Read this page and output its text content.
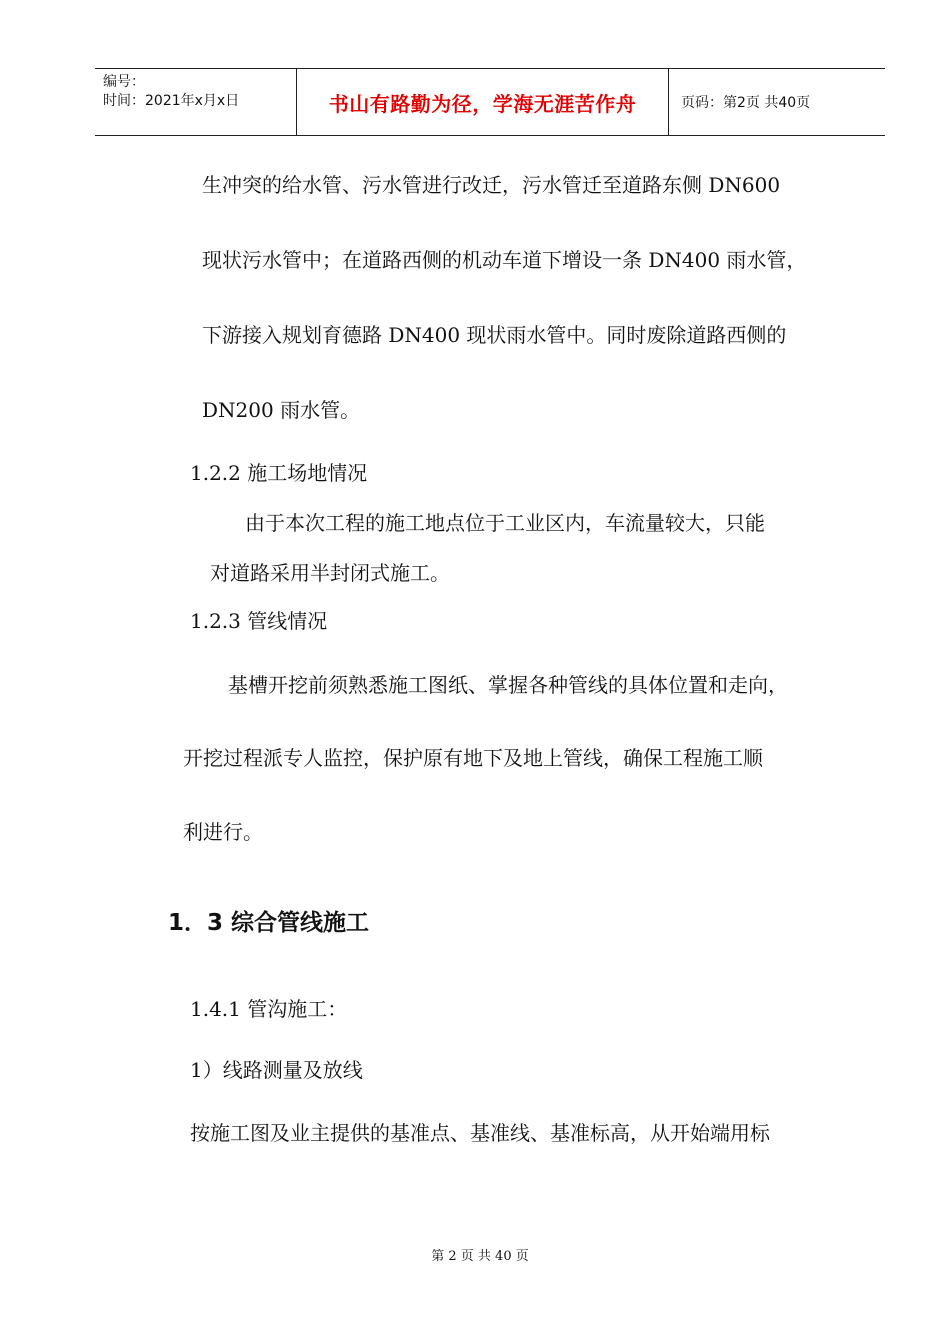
编号：
时间：2021年x月x日	书山有路勤为径，学海无涯苦作舟	页码：第2页 共40页
生冲突的给水管、污水管进行改迁，污水管迁至道路东侧 DN600
现状污水管中；在道路西侧的机动车道下增设一条 DN400 雨水管，
下游接入规划育德路 DN400 现状雨水管中。同时废除道路西侧的
DN200 雨水管。
1.2.2 施工场地情况
由于本次工程的施工地点位于工业区内，车流量较大，只能
对道路采用半封闭式施工。
1.2.3 管线情况
基槽开挖前须熟悉施工图纸、掌握各种管线的具体位置和走向，
开挖过程派专人监控，保护原有地下及地上管线，确保工程施工顺
利进行。
1．3 综合管线施工
1.4.1 管沟施工：
1）线路测量及放线
按施工图及业主提供的基准点、基准线、基准标高，从开始端用标
第 2 页 共 40 页
